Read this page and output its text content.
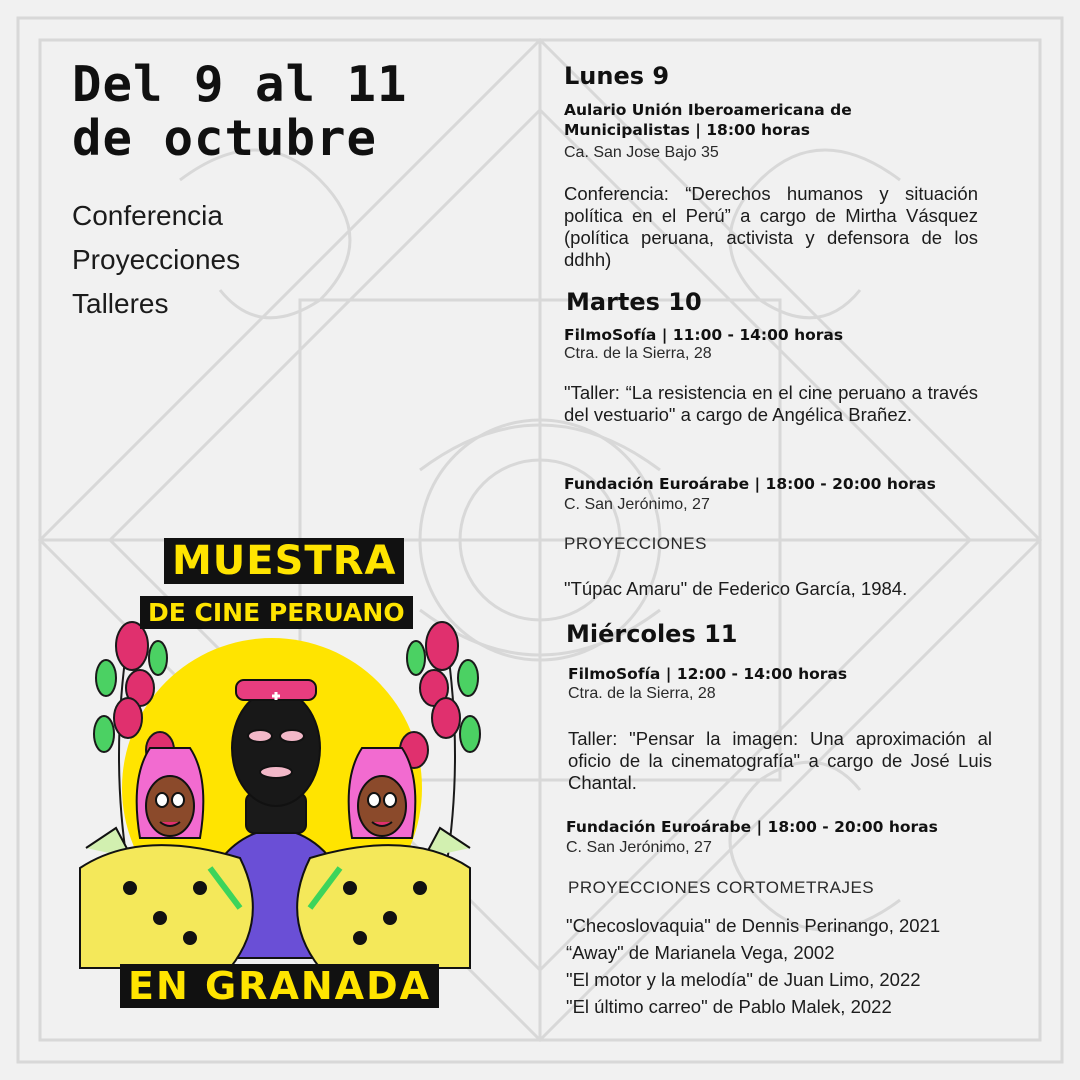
Del 9 al 11
de octubre
Conferencia
Proyecciones
Talleres
MUESTRA
DE CINE PERUANO
EN GRANADA

Lunes 9

Aulario Unión Iberoamericana de Municipalistas | 18:00 horas

Ca. San Jose Bajo 35

Conferencia: “Derechos humanos y situación política en el Perú” a cargo de Mirtha Vásquez (política peruana, activista y defensora de los ddhh)

Martes 10

FilmoSofía | 11:00 - 14:00 horas

Ctra. de la Sierra, 28

"Taller: “La resistencia en el cine peruano a través del vestuario" a cargo de Angélica Brañez.

Fundación Euroárabe | 18:00 - 20:00 horas

C. San Jerónimo, 27

PROYECCIONES

"Túpac Amaru" de Federico García, 1984.

Miércoles 11

FilmoSofía | 12:00 - 14:00 horas

Ctra. de la Sierra, 28

Taller: "Pensar la imagen: Una aproximación al oficio de la cinematografía" a cargo de José Luis Chantal.

Fundación Euroárabe | 18:00 - 20:00 horas

C. San Jerónimo, 27

PROYECCIONES CORTOMETRAJES

"Checoslovaquia" de Dennis Perinango, 2021

“Away" de Marianela Vega, 2002

"El motor y la melodía" de Juan Limo, 2022

"El último carreo" de Pablo Malek, 2022
